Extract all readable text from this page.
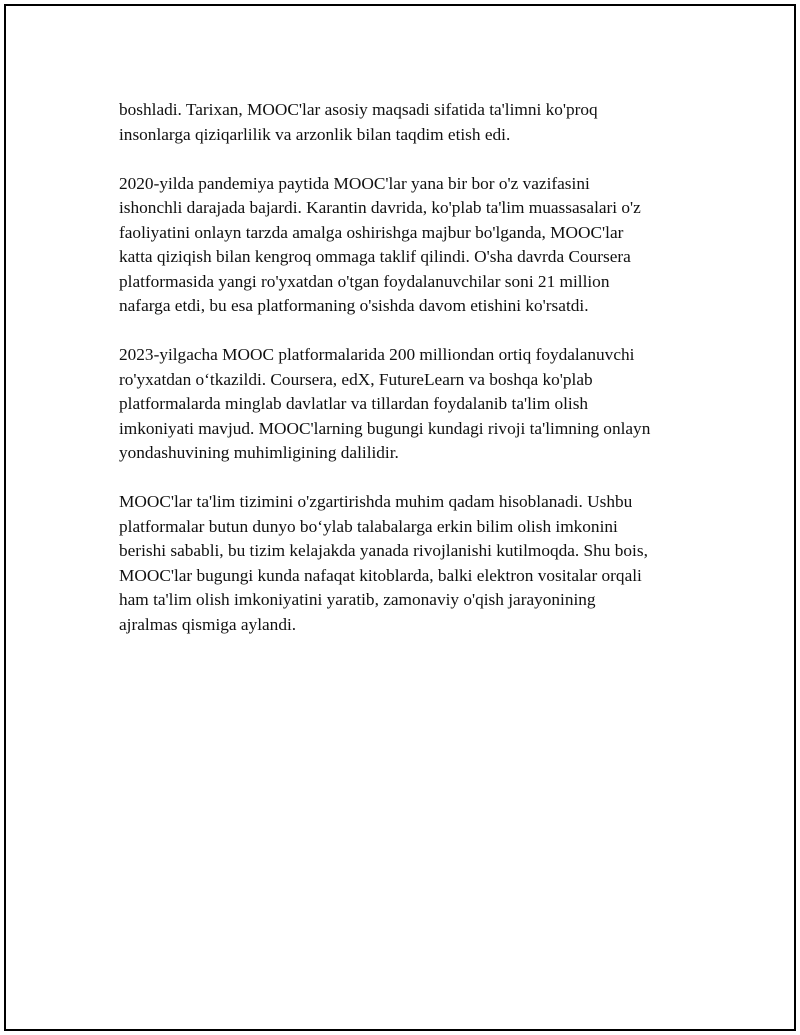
boshladi. Tarixan, MOOC'lar asosiy maqsadi sifatida ta'limni ko'proq
insonlarga qiziqarlilik va arzonlik bilan taqdim etish edi.

2020-yilda pandemiya paytida MOOC'lar yana bir bor o'z vazifasini
ishonchli darajada bajardi. Karantin davrida, ko'plab ta'lim muassasalari o'z
faoliyatini onlayn tarzda amalga oshirishga majbur bo'lganda, MOOC'lar
katta qiziqish bilan kengroq ommaga taklif qilindi. O'sha davrda Coursera
platformasida yangi ro'yxatdan o'tgan foydalanuvchilar soni 21 million
nafarga etdi, bu esa platformaning o'sishda davom etishini ko'rsatdi.

2023-yilgacha MOOC platformalarida 200 milliondan ortiq foydalanuvchi
ro'yxatdan o‘tkazildi. Coursera, edX, FutureLearn va boshqa ko'plab
platformalarda minglab davlatlar va tillardan foydalanib ta'lim olish
imkoniyati mavjud. MOOC'larning bugungi kundagi rivoji ta'limning onlayn
yondashuvining muhimligining dalilidir.

MOOC'lar ta'lim tizimini o'zgartirishda muhim qadam hisoblanadi. Ushbu
platformalar butun dunyo bo‘ylab talabalarga erkin bilim olish imkonini
berishi sababli, bu tizim kelajakda yanada rivojlanishi kutilmoqda. Shu bois,
MOOC'lar bugungi kunda nafaqat kitoblarda, balki elektron vositalar orqali
ham ta'lim olish imkoniyatini yaratib, zamonaviy o'qish jarayonining
ajralmas qismiga aylandi.
